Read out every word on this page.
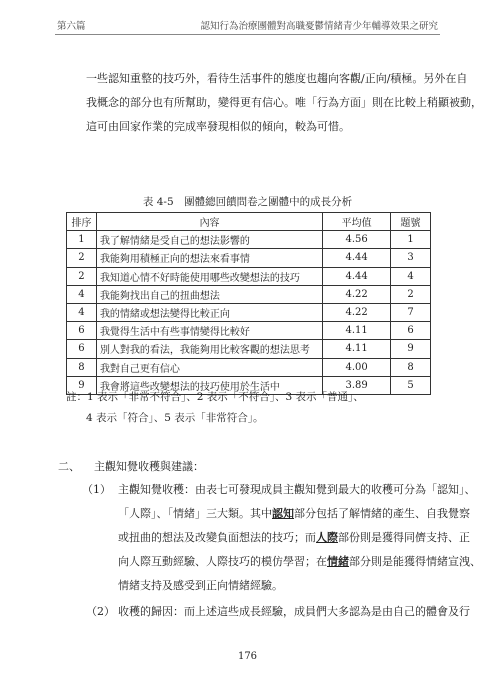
第六篇	認知行為治療團體對高職憂鬱情緒青少年輔導效果之研究
一些認知重整的技巧外，看待生活事件的態度也趨向客觀/正向/積極。另外在自
我概念的部分也有所幫助，變得更有信心。唯「行為方面」則在比較上稍顯被動，
這可由回家作業的完成率發現相似的傾向，較為可惜。
表 4-5　團體總回饋問卷之團體中的成長分析
排序	內容	平均值	題號
1	我了解情緒是受自己的想法影響的	4.56	1
2	我能夠用積極正向的想法來看事情	4.44	3
2	我知道心情不好時能使用哪些改變想法的技巧	4.44	4
4	我能夠找出自己的扭曲想法	4.22	2
4	我的情緒或想法變得比較正向	4.22	7
6	我覺得生活中有些事情變得比較好	4.11	6
6	別人對我的看法，我能夠用比較客觀的想法思考	4.11	9
8	我對自己更有信心	4.00	8
9	我會將這些改變想法的技巧使用於生活中	3.89	5
註：1 表示「非常不符合」、2 表示「不符合」、3 表示「普通」、
4 表示「符合」、5 表示「非常符合」。
二、 主觀知覺收穫與建議：
（1） 主觀知覺收穫：由表七可發現成員主觀知覺到最大的收穫可分為「認知」、
「人際」、「情緒」三大類。其中認知部分包括了解情緒的產生、自我覺察
或扭曲的想法及改變負面想法的技巧；而人際部份則是獲得同儕支持、正
向人際互動經驗、人際技巧的模仿學習；在情緒部分則是能獲得情緒宣洩、
情緒支持及感受到正向情緒經驗。
（2） 收穫的歸因：而上述這些成長經驗，成員們大多認為是由自己的體會及行
176
